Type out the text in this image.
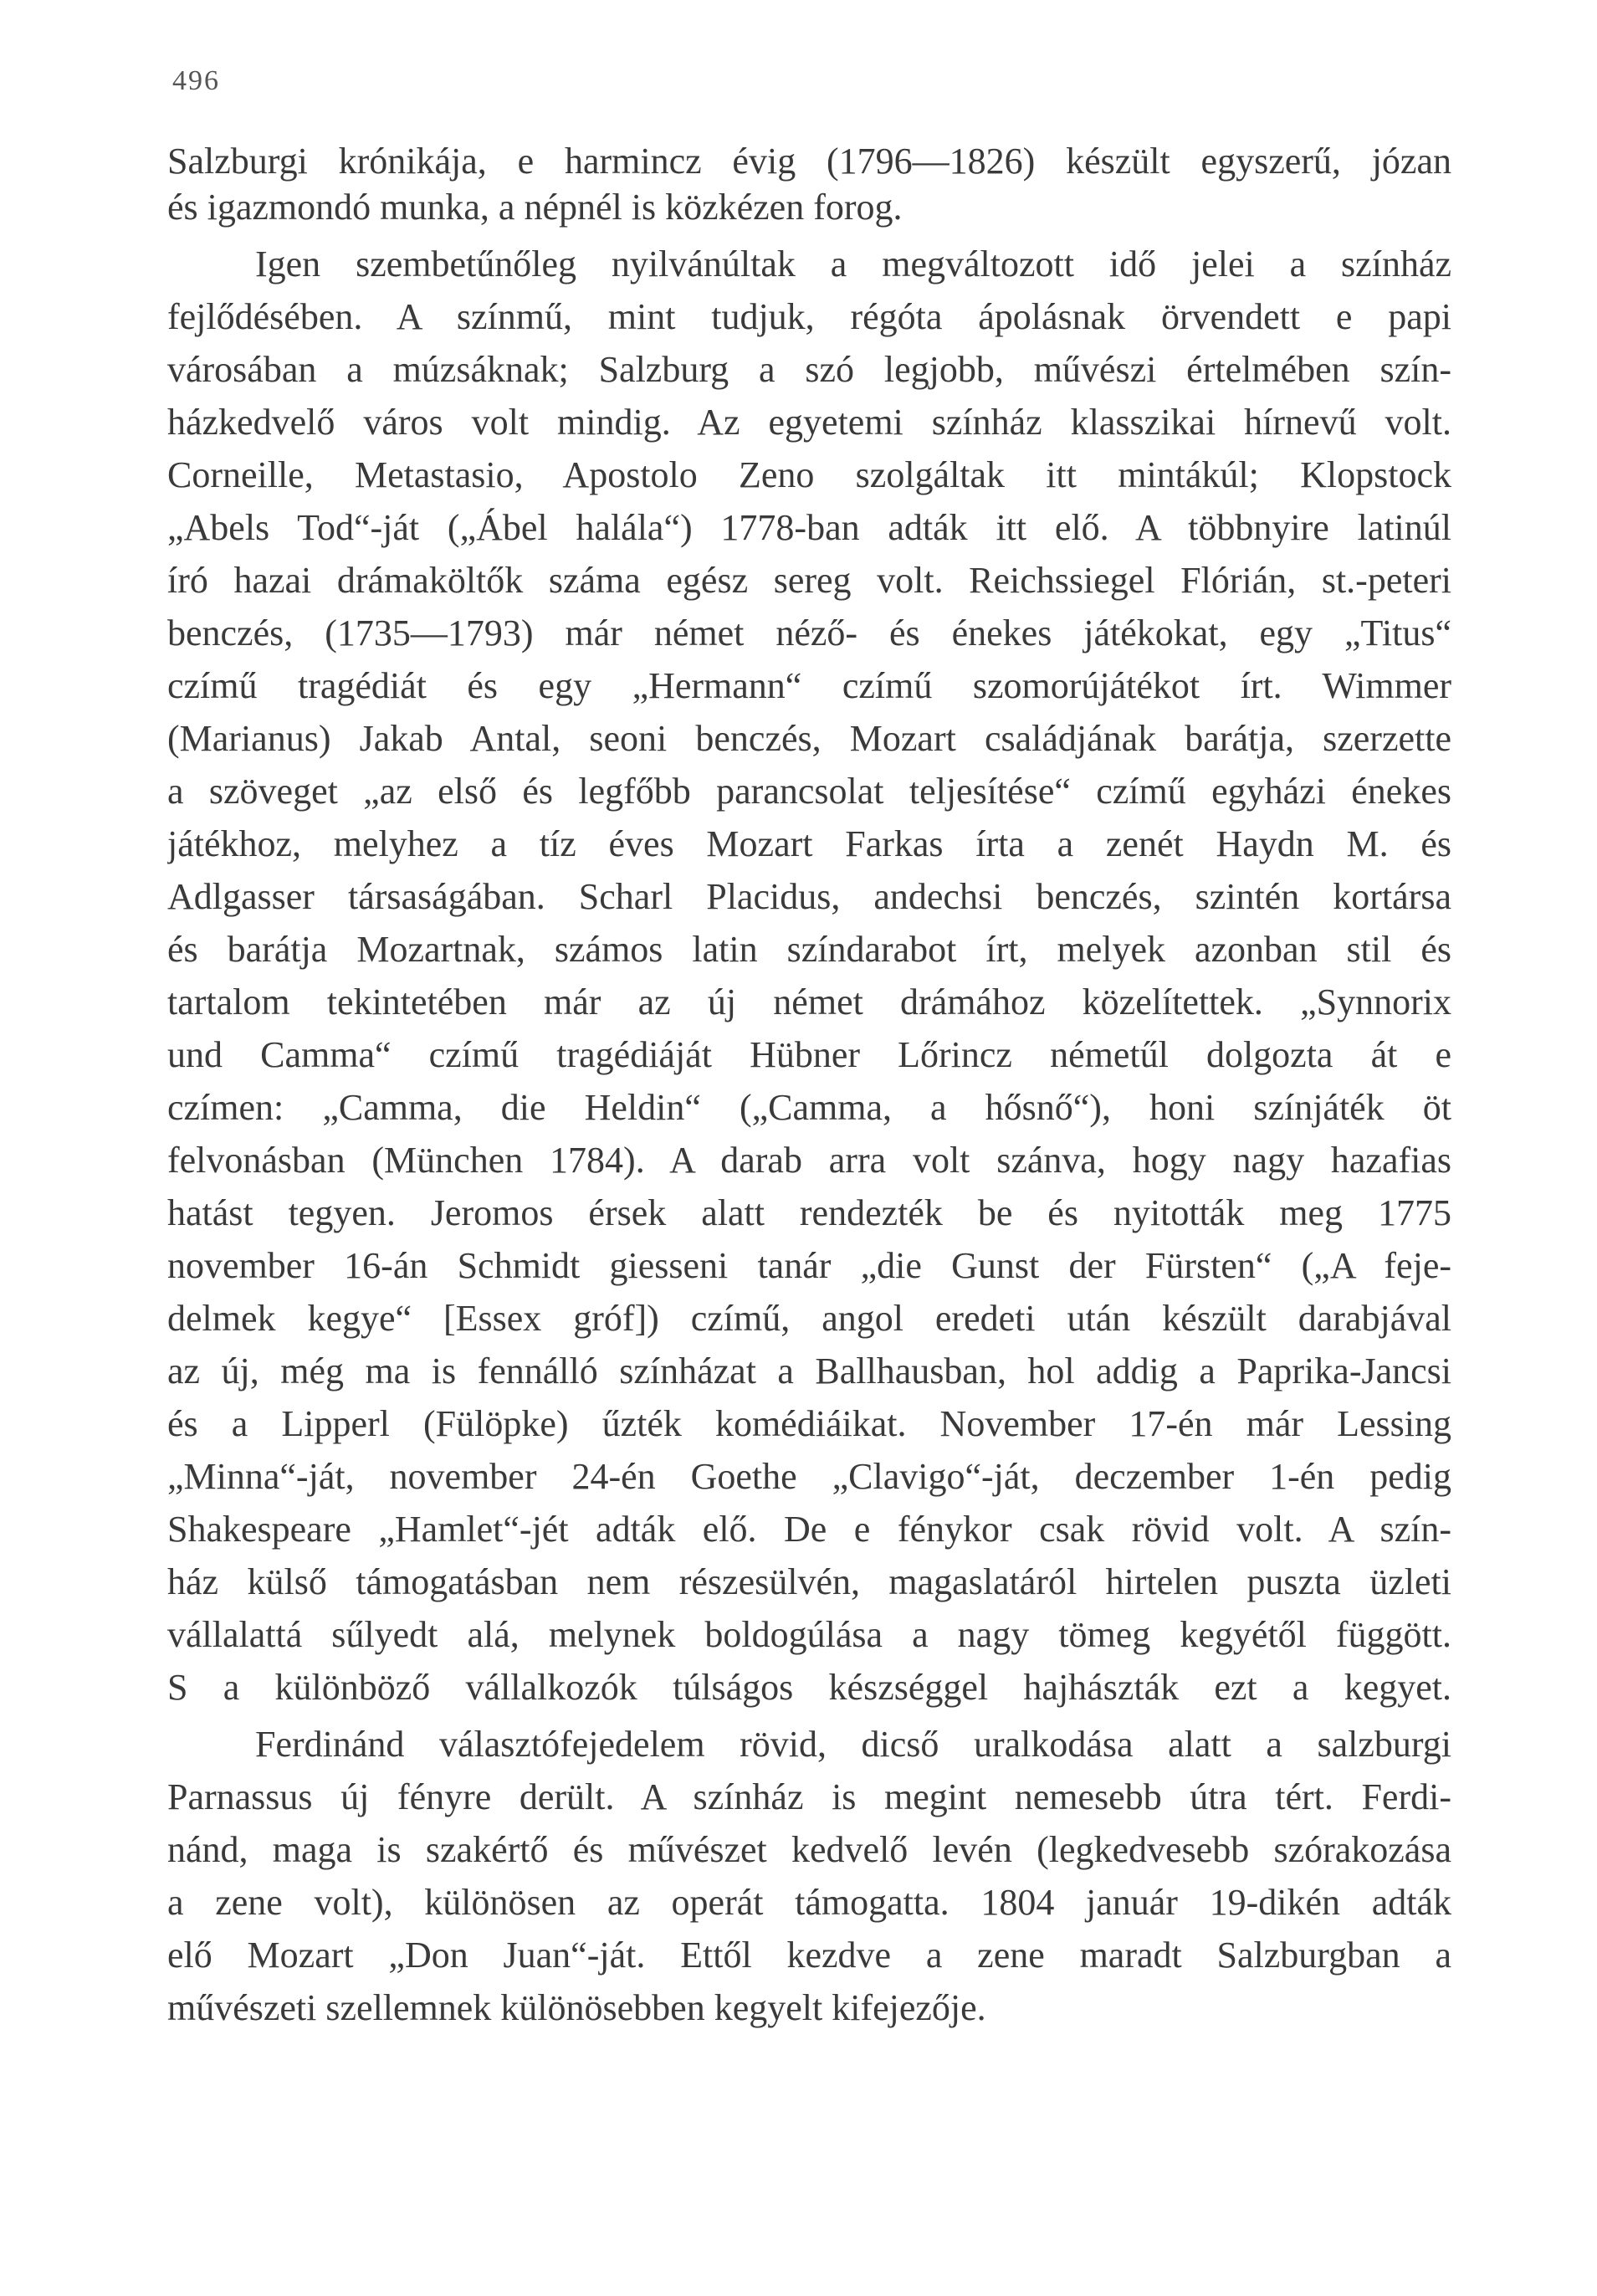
496
Salzburgi krónikája, e harmincz évig (1796—1826) készült egyszerű, józan
és igazmondó munka, a népnél is közkézen forog.
Igen szembetűnőleg nyilvánúltak a megváltozott idő jelei a színház
fejlődésében. A színmű, mint tudjuk, régóta ápolásnak örvendett e papi
városában a múzsáknak; Salzburg a szó legjobb, művészi értelmében szín-
házkedvelő város volt mindig. Az egyetemi színház klasszikai hírnevű volt.
Corneille, Metastasio, Apostolo Zeno szolgáltak itt mintákúl; Klopstock
„Abels Tod“-ját („Ábel halála“) 1778-ban adták itt elő. A többnyire latinúl
író hazai drámaköltők száma egész sereg volt. Reichssiegel Flórián, st.-peteri
benczés, (1735—1793) már német néző- és énekes játékokat, egy „Titus“
czímű tragédiát és egy „Hermann“ czímű szomorújátékot írt. Wimmer
(Marianus) Jakab Antal, seoni benczés, Mozart családjának barátja, szerzette
a szöveget „az első és legfőbb parancsolat teljesítése“ czímű egyházi énekes
játékhoz, melyhez a tíz éves Mozart Farkas írta a zenét Haydn M. és
Adlgasser társaságában. Scharl Placidus, andechsi benczés, szintén kortársa
és barátja Mozartnak, számos latin színdarabot írt, melyek azonban stil és
tartalom tekintetében már az új német drámához közelítettek. „Synnorix
und Camma“ czímű tragédiáját Hübner Lőrincz németűl dolgozta át e
czímen: „Camma, die Heldin“ („Camma, a hősnő“), honi színjáték öt
felvonásban (München 1784). A darab arra volt szánva, hogy nagy hazafias
hatást tegyen. Jeromos érsek alatt rendezték be és nyitották meg 1775
november 16-án Schmidt giesseni tanár „die Gunst der Fürsten“ („A feje-
delmek kegye“ [Essex gróf]) czímű, angol eredeti után készült darabjával
az új, még ma is fennálló színházat a Ballhausban, hol addig a Paprika-Jancsi
és a Lipperl (Fülöpke) űzték komédiáikat. November 17-én már Lessing
„Minna“-ját, november 24-én Goethe „Clavigo“-ját, deczember 1-én pedig
Shakespeare „Hamlet“-jét adták elő. De e fénykor csak rövid volt. A szín-
ház külső támogatásban nem részesülvén, magaslatáról hirtelen puszta üzleti
vállalattá sűlyedt alá, melynek boldogúlása a nagy tömeg kegyétől függött.
S a különböző vállalkozók túlságos készséggel hajhászták ezt a kegyet.
Ferdinánd választófejedelem rövid, dicső uralkodása alatt a salzburgi
Parnassus új fényre derült. A színház is megint nemesebb útra tért. Ferdi-
nánd, maga is szakértő és művészet kedvelő levén (legkedvesebb szórakozása
a zene volt), különösen az operát támogatta. 1804 január 19-dikén adták
elő Mozart „Don Juan“-ját. Ettől kezdve a zene maradt Salzburgban a
művészeti szellemnek különösebben kegyelt kifejezője.
